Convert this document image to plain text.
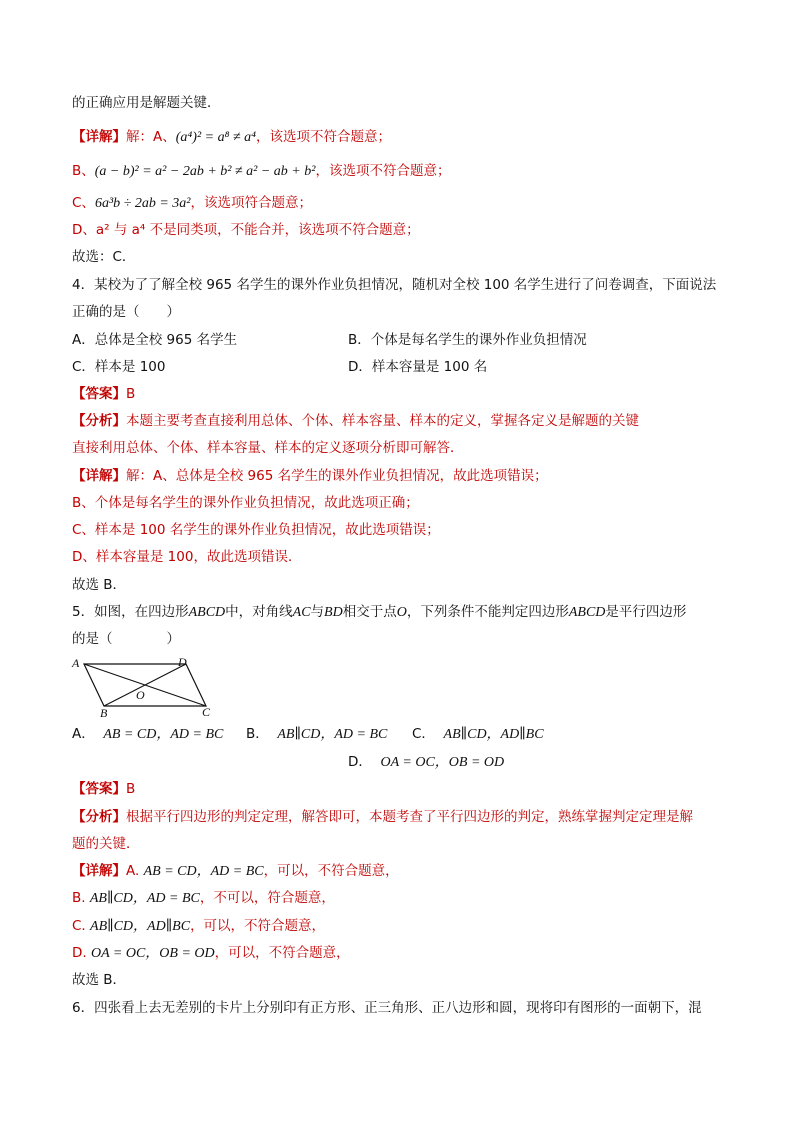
的正确应用是解题关键．
【详解】解：A、(a⁴)² = a⁸ ≠ a⁴，该选项不符合题意；
B、(a − b)² = a² − 2ab + b² ≠ a² − ab + b²，该选项不符合题意；
C、6a³b ÷ 2ab = 3a²，该选项符合题意；
D、a² 与 a⁴ 不是同类项，不能合并，该选项不符合题意；
故选：C．
4．某校为了了解全校 965 名学生的课外作业负担情况，随机对全校 100 名学生进行了问卷调查，下面说法
正确的是（　　）
A．总体是全校 965 名学生	B．个体是每名学生的课外作业负担情况
C．样本是 100	D．样本容量是 100 名
【答案】B
【分析】本题主要考查直接利用总体、个体、样本容量、样本的定义，掌握各定义是解题的关键
直接利用总体、个体、样本容量、样本的定义逐项分析即可解答．
【详解】解：A、总体是全校 965 名学生的课外作业负担情况，故此选项错误；
B、个体是每名学生的课外作业负担情况，故此选项正确；
C、样本是 100 名学生的课外作业负担情况，故此选项错误；
D、样本容量是 100，故此选项错误．
故选 B．
5．如图，在四边形ABCD中，对角线AC与BD相交于点O，下列条件不能判定四边形ABCD是平行四边形
的是（　　　　）
A	D
B	C
O
A． AB = CD，AD = BC B． AB∥CD，AD = BC C． AB∥CD，AD∥BC
D． OA = OC，OB = OD
【答案】B
【分析】根据平行四边形的判定定理，解答即可，本题考查了平行四边形的判定，熟练掌握判定定理是解
题的关键．
【详解】A. AB = CD，AD = BC，可以，不符合题意，
B. AB∥CD，AD = BC，不可以，符合题意，
C. AB∥CD，AD∥BC，可以，不符合题意，
D. OA = OC，OB = OD，可以，不符合题意，
故选 B．
6．四张看上去无差别的卡片上分别印有正方形、正三角形、正八边形和圆，现将印有图形的一面朝下，混
